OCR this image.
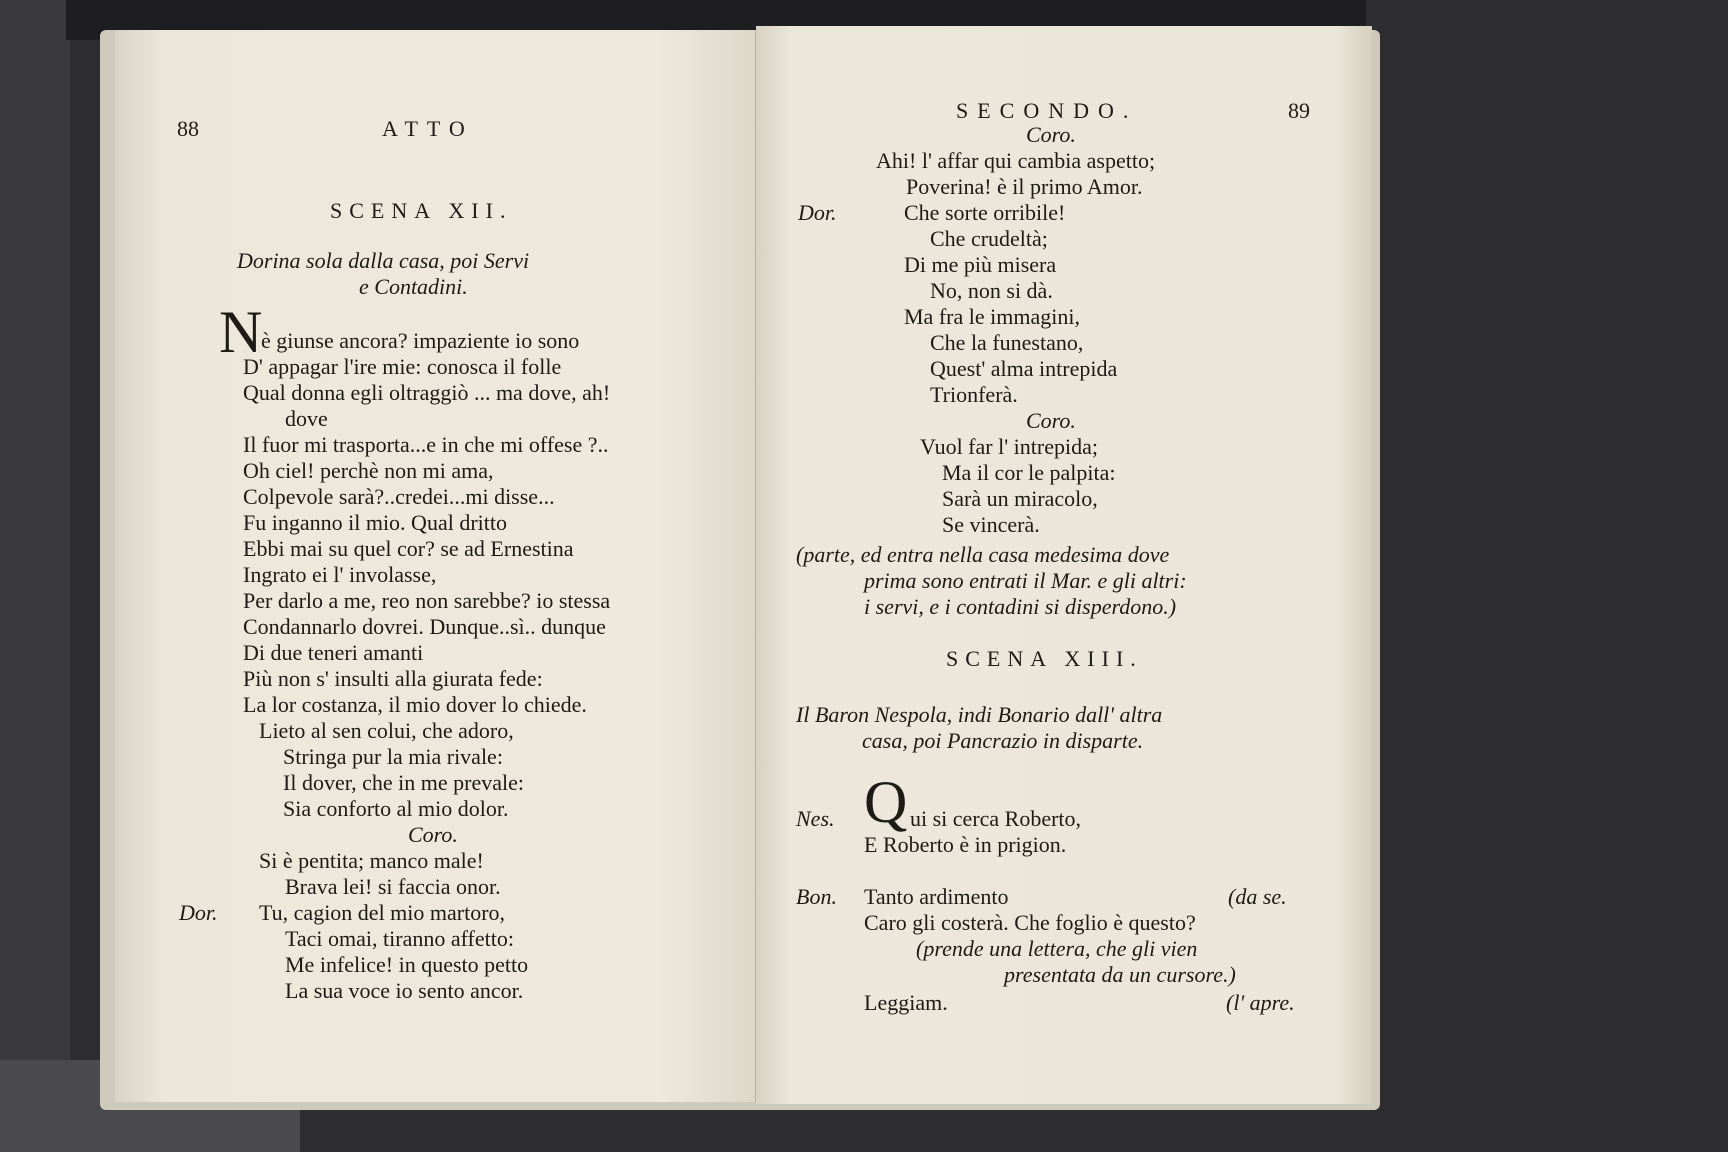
88	ATTO
SCENA XII.
Dorina sola dalla casa, poi Servi
e Contadini.
N
è giunse ancora? impaziente io sono
D' appagar l'ire mie: conosca il folle
Qual donna egli oltraggiò ... ma dove, ah!
dove
Il fuor mi trasporta...e in che mi offese ?..
Oh ciel! perchè non mi ama,
Colpevole sarà?..credei...mi disse...
Fu inganno il mio. Qual dritto
Ebbi mai su quel cor? se ad Ernestina
Ingrato ei l' involasse,
Per darlo a me, reo non sarebbe? io stessa
Condannarlo dovrei. Dunque..sì.. dunque
Di due teneri amanti
Più non s' insulti alla giurata fede:
La lor costanza, il mio dover lo chiede.
Lieto al sen colui, che adoro,
Stringa pur la mia rivale:
Il dover, che in me prevale:
Sia conforto al mio dolor.
Coro.
Si è pentita; manco male!
Brava lei! si faccia onor.
Dor. Tu, cagion del mio martoro,
Taci omai, tiranno affetto:
Me infelice! in questo petto
La sua voce io sento ancor.
SECONDO.	89
Coro.
Ahi! l' affar qui cambia aspetto;
Poverina! è il primo Amor.
Dor.	Che sorte orribile!
Che crudeltà;
Di me più misera
No, non si dà.
Ma fra le immagini,
Che la funestano,
Quest' alma intrepida
Trionferà.
Coro.
Vuol far l' intrepida;
Ma il cor le palpita:
Sarà un miracolo,
Se vincerà.
(parte, ed entra nella casa medesima dove
prima sono entrati il Mar. e gli altri:
i servi, e i contadini si disperdono.)
SCENA XIII.
Il Baron Nespola, indi Bonario dall' altra
casa, poi Pancrazio in disparte.
Q
Nes.	ui si cerca Roberto,
E Roberto è in prigion.
Bon. Tanto ardimento	(da se.
Caro gli costerà. Che foglio è questo?
(prende una lettera, che gli vien
presentata da un cursore.)
Leggiam.	(l' apre.
